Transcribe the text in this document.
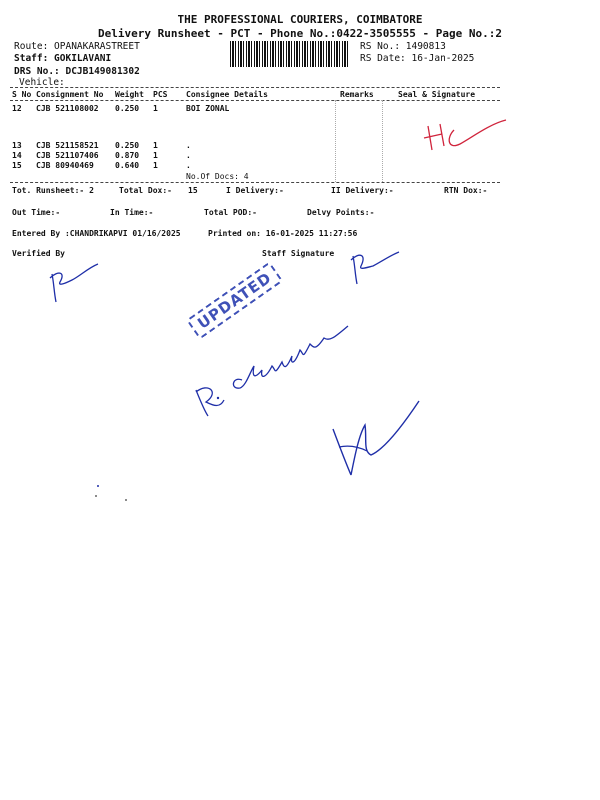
THE PROFESSIONAL COURIERS, COIMBATORE
Delivery Runsheet - PCT - Phone No.:0422-3505555 - Page No.:2
Route: OPANAKARASTREET
Staff: GOKILAVANI
DRS No.: DCJB149081302
Vehicle:
RS No.: 1490813
RS Date: 16-Jan-2025
S No Consignment No Weight PCS Consignee Details	Remarks	Seal & Signature
12 CJB 521108002 0.250 1	BOI ZONAL
13 CJB 521158521 0.250 1	.
14 CJB 521107406 0.870 1	.
15 CJB 80940469	0.640 1	.
No.Of Docs: 4
Tot. Runsheet:- 2	Total Dox:- 15	I Delivery:-	II Delivery:-	RTN Dox:-
Out Time:-	In Time:-	Total POD:-	Delvy Points:-
Entered By :CHANDRIKAPVI 01/16/2025	Printed on: 16-01-2025 11:27:56
Verified By	Staff Signature
UPDATED
